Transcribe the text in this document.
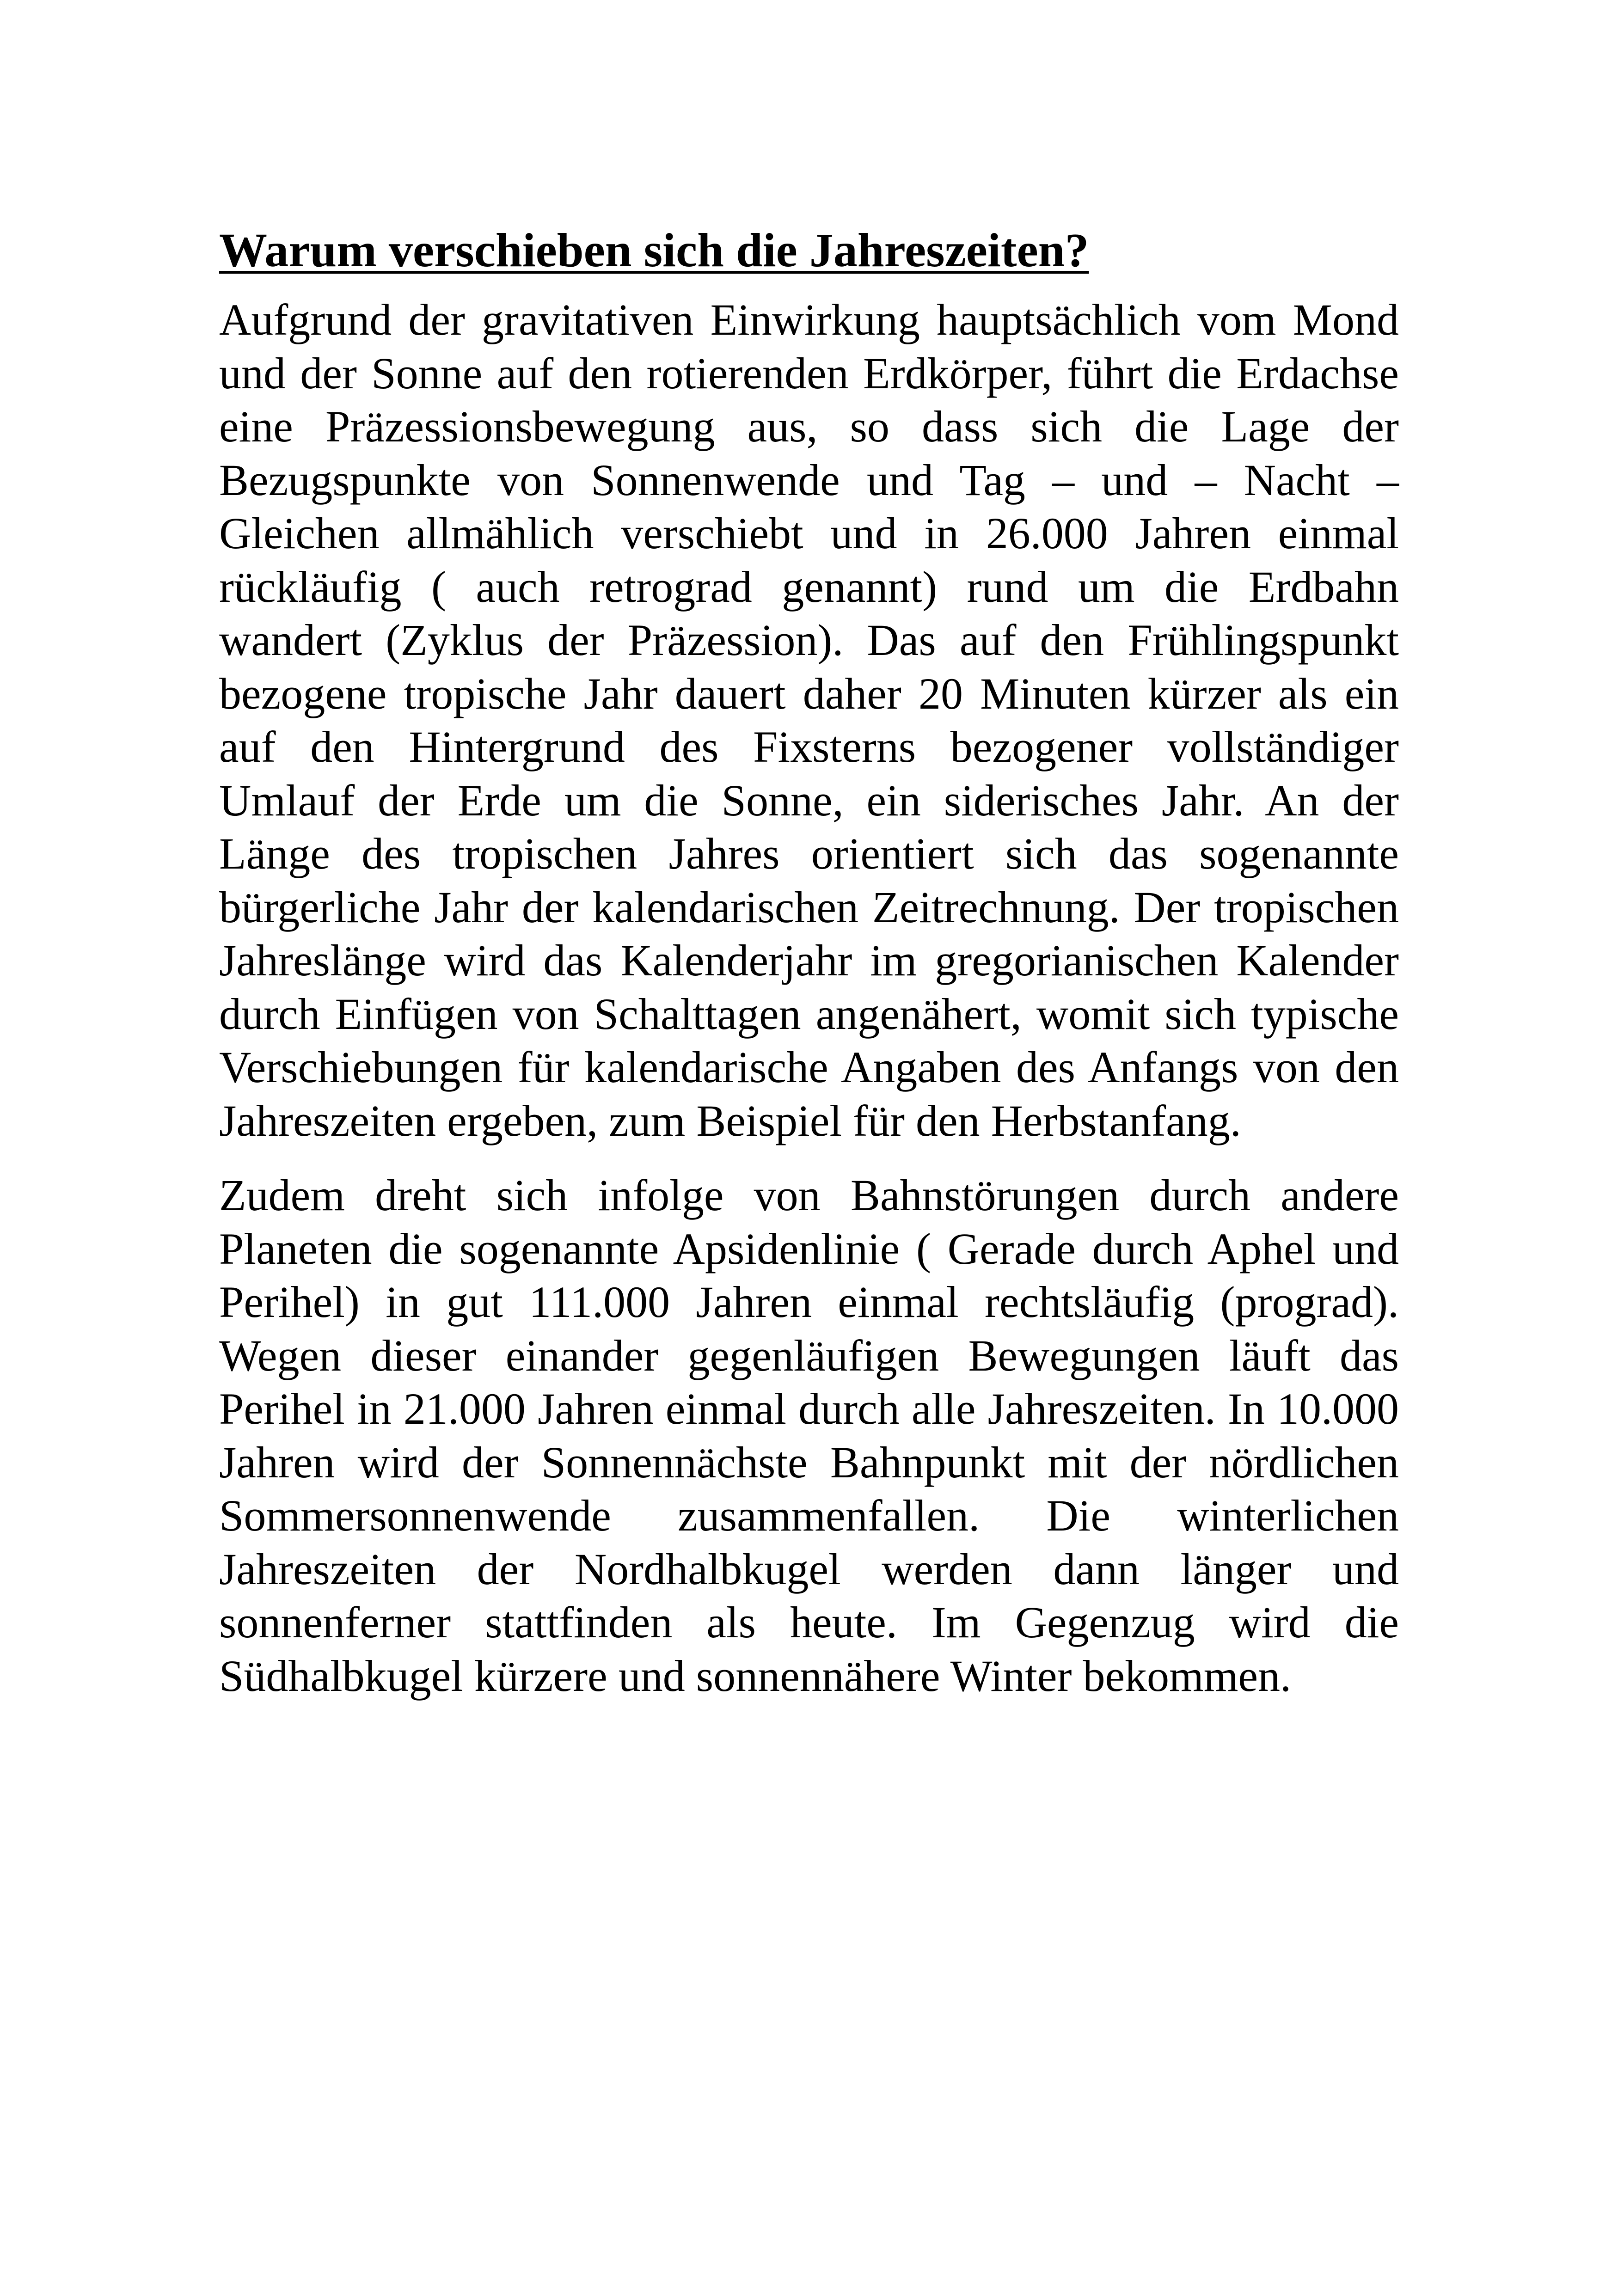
Warum verschieben sich die Jahreszeiten?

Aufgrund der gravitativen Einwirkung hauptsächlich vom Mond und der Sonne auf den rotierenden Erdkörper, führt die Erdachse eine Präzessionsbewegung aus, so dass sich die Lage der Bezugspunkte von Sonnenwende und Tag – und – Nacht – Gleichen allmählich verschiebt und in 26.000 Jahren einmal rückläufig ( auch retrograd genannt) rund um die Erdbahn wandert (Zyklus der Präzession). Das auf den Frühlingspunkt bezogene tropische Jahr dauert daher 20 Minuten kürzer als ein auf den Hintergrund des Fixsterns bezogener vollständiger Umlauf der Erde um die Sonne, ein siderisches Jahr. An der Länge des tropischen Jahres orientiert sich das sogenannte bürgerliche Jahr der kalendarischen Zeitrechnung. Der tropischen Jahreslänge wird das Kalenderjahr im gregorianischen Kalender durch Einfügen von Schalttagen angenähert, womit sich typische Verschiebungen für kalendarische Angaben des Anfangs von den Jahreszeiten ergeben, zum Beispiel für den Herbstanfang.

Zudem dreht sich infolge von Bahnstörungen durch andere Planeten die sogenannte Apsidenlinie ( Gerade durch Aphel und Perihel) in gut 111.000 Jahren einmal rechtsläufig (prograd). Wegen dieser einander gegenläufigen Bewegungen läuft das Perihel in 21.000 Jahren einmal durch alle Jahreszeiten. In 10.000 Jahren wird der Sonnennächste Bahnpunkt mit der nördlichen Sommersonnenwende zusammenfallen. Die winterlichen Jahreszeiten der Nordhalbkugel werden dann länger und sonnenferner stattfinden als heute. Im Gegenzug wird die Südhalbkugel kürzere und sonnennähere Winter bekommen.
